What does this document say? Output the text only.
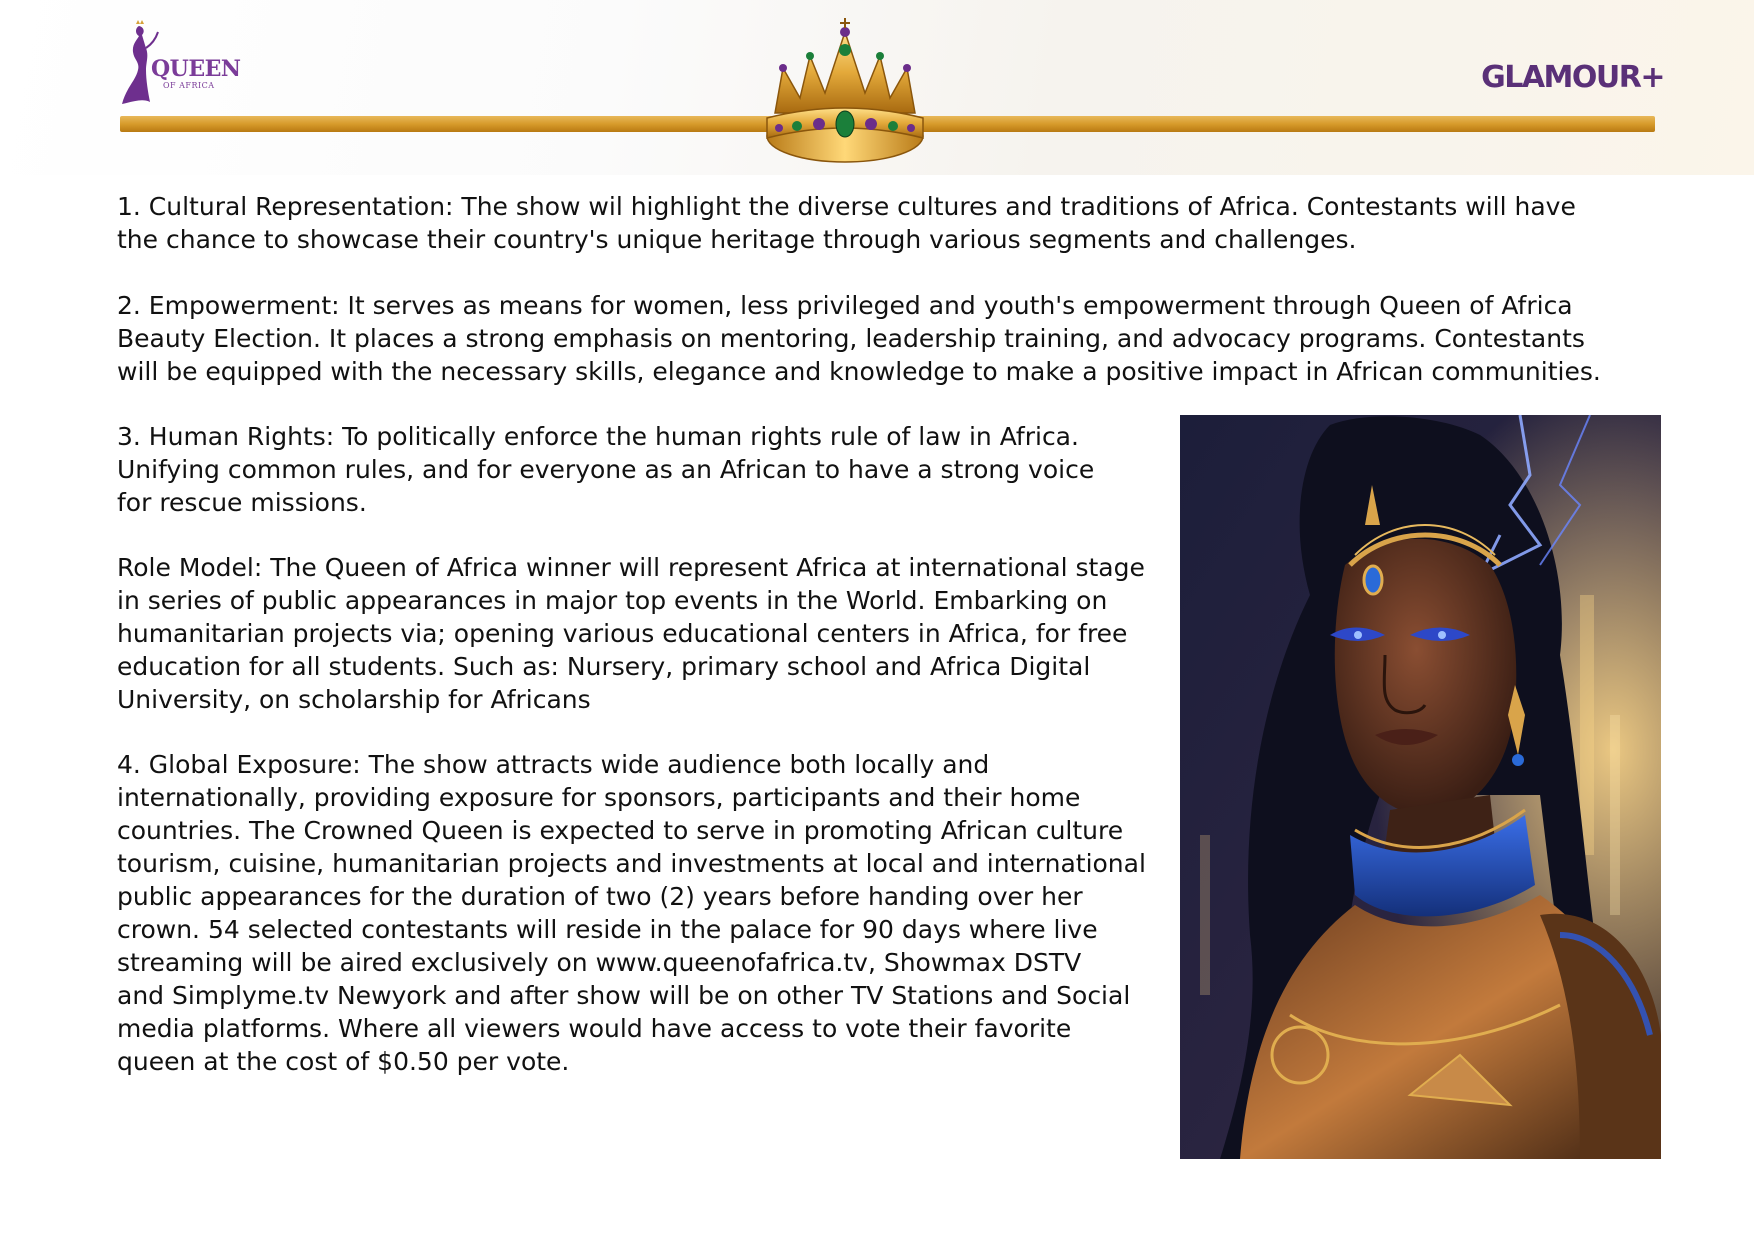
QUEEN
OF AFRICA	GLAMOUR+
1. Cultural Representation: The show wil highlight the diverse cultures and traditions of Africa. Contestants will have
the chance to showcase their country's unique heritage through various segments and challenges.
2. Empowerment: It serves as means for women, less privileged and youth's empowerment through Queen of Africa
Beauty Election. It places a strong emphasis on mentoring, leadership training, and advocacy programs. Contestants
will be equipped with the necessary skills, elegance and knowledge to make a positive impact in African communities.
3. Human Rights: To politically enforce the human rights rule of law in Africa.
Unifying common rules, and for everyone as an African to have a strong voice
for rescue missions.
Role Model: The Queen of Africa winner will represent Africa at international stage
in series of public appearances in major top events in the World. Embarking on
humanitarian projects via; opening various educational centers in Africa, for free
education for all students. Such as: Nursery, primary school and Africa Digital
University, on scholarship for Africans
4. Global Exposure: The show attracts wide audience both locally and
internationally, providing exposure for sponsors, participants and their home
countries. The Crowned Queen is expected to serve in promoting African culture
tourism, cuisine, humanitarian projects and investments at local and international
public appearances for the duration of two (2) years before handing over her
crown. 54 selected contestants will reside in the palace for 90 days where live
streaming will be aired exclusively on www.queenofafrica.tv, Showmax DSTV
and Simplyme.tv Newyork and after show will be on other TV Stations and Social
media platforms. Where all viewers would have access to vote their favorite
queen at the cost of $0.50 per vote.
